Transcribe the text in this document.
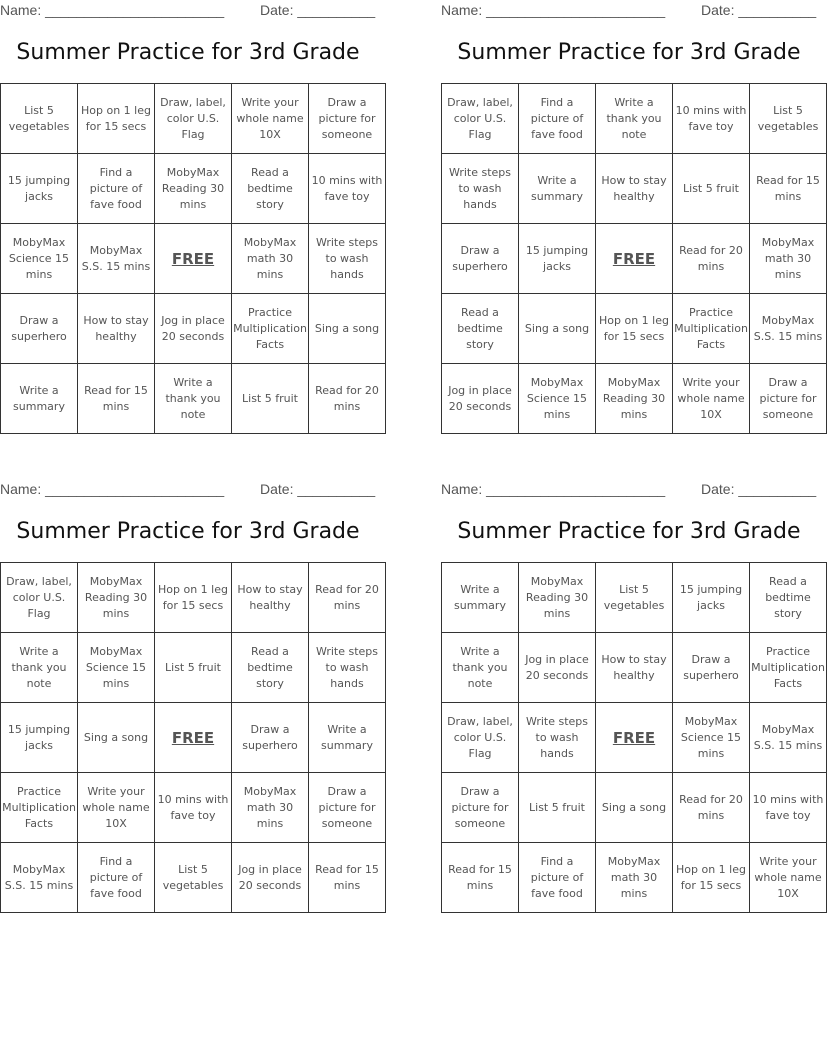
Name: _______________________	Date: __________
Summer Practice for 3rd Grade
List 5 vegetables	Hop on 1 leg for 15 secs	Draw, label, color U.S. Flag	Write your whole name 10X	Draw a picture for someone
15 jumping jacks	Find a picture of fave food	MobyMax Reading 30 mins	Read a bedtime story	10 mins with fave toy
MobyMax Science 15 mins	MobyMax S.S. 15 mins	FREE	MobyMax math 30 mins	Write steps to wash hands
Draw a superhero	How to stay healthy	Jog in place 20 seconds	Practice Multiplication Facts	Sing a song
Write a summary	Read for 15 mins	Write a thank you note	List 5 fruit	Read for 20 mins
Name: _______________________	Date: __________
Summer Practice for 3rd Grade
Draw, label, color U.S. Flag	Find a picture of fave food	Write a thank you note	10 mins with fave toy	List 5 vegetables
Write steps to wash hands	Write a summary	How to stay healthy	List 5 fruit	Read for 15 mins
Draw a superhero	15 jumping jacks	FREE	Read for 20 mins	MobyMax math 30 mins
Read a bedtime story	Sing a song	Hop on 1 leg for 15 secs	Practice Multiplication Facts	MobyMax S.S. 15 mins
Jog in place 20 seconds	MobyMax Science 15 mins	MobyMax Reading 30 mins	Write your whole name 10X	Draw a picture for someone
Name: _______________________	Date: __________
Summer Practice for 3rd Grade
Draw, label, color U.S. Flag	MobyMax Reading 30 mins	Hop on 1 leg for 15 secs	How to stay healthy	Read for 20 mins
Write a thank you note	MobyMax Science 15 mins	List 5 fruit	Read a bedtime story	Write steps to wash hands
15 jumping jacks	Sing a song	FREE	Draw a superhero	Write a summary
Practice Multiplication Facts	Write your whole name 10X	10 mins with fave toy	MobyMax math 30 mins	Draw a picture for someone
MobyMax S.S. 15 mins	Find a picture of fave food	List 5 vegetables	Jog in place 20 seconds	Read for 15 mins
Name: _______________________	Date: __________
Summer Practice for 3rd Grade
Write a summary	MobyMax Reading 30 mins	List 5 vegetables	15 jumping jacks	Read a bedtime story
Write a thank you note	Jog in place 20 seconds	How to stay healthy	Draw a superhero	Practice Multiplication Facts
Draw, label, color U.S. Flag	Write steps to wash hands	FREE	MobyMax Science 15 mins	MobyMax S.S. 15 mins
Draw a picture for someone	List 5 fruit	Sing a song	Read for 20 mins	10 mins with fave toy
Read for 15 mins	Find a picture of fave food	MobyMax math 30 mins	Hop on 1 leg for 15 secs	Write your whole name 10X
